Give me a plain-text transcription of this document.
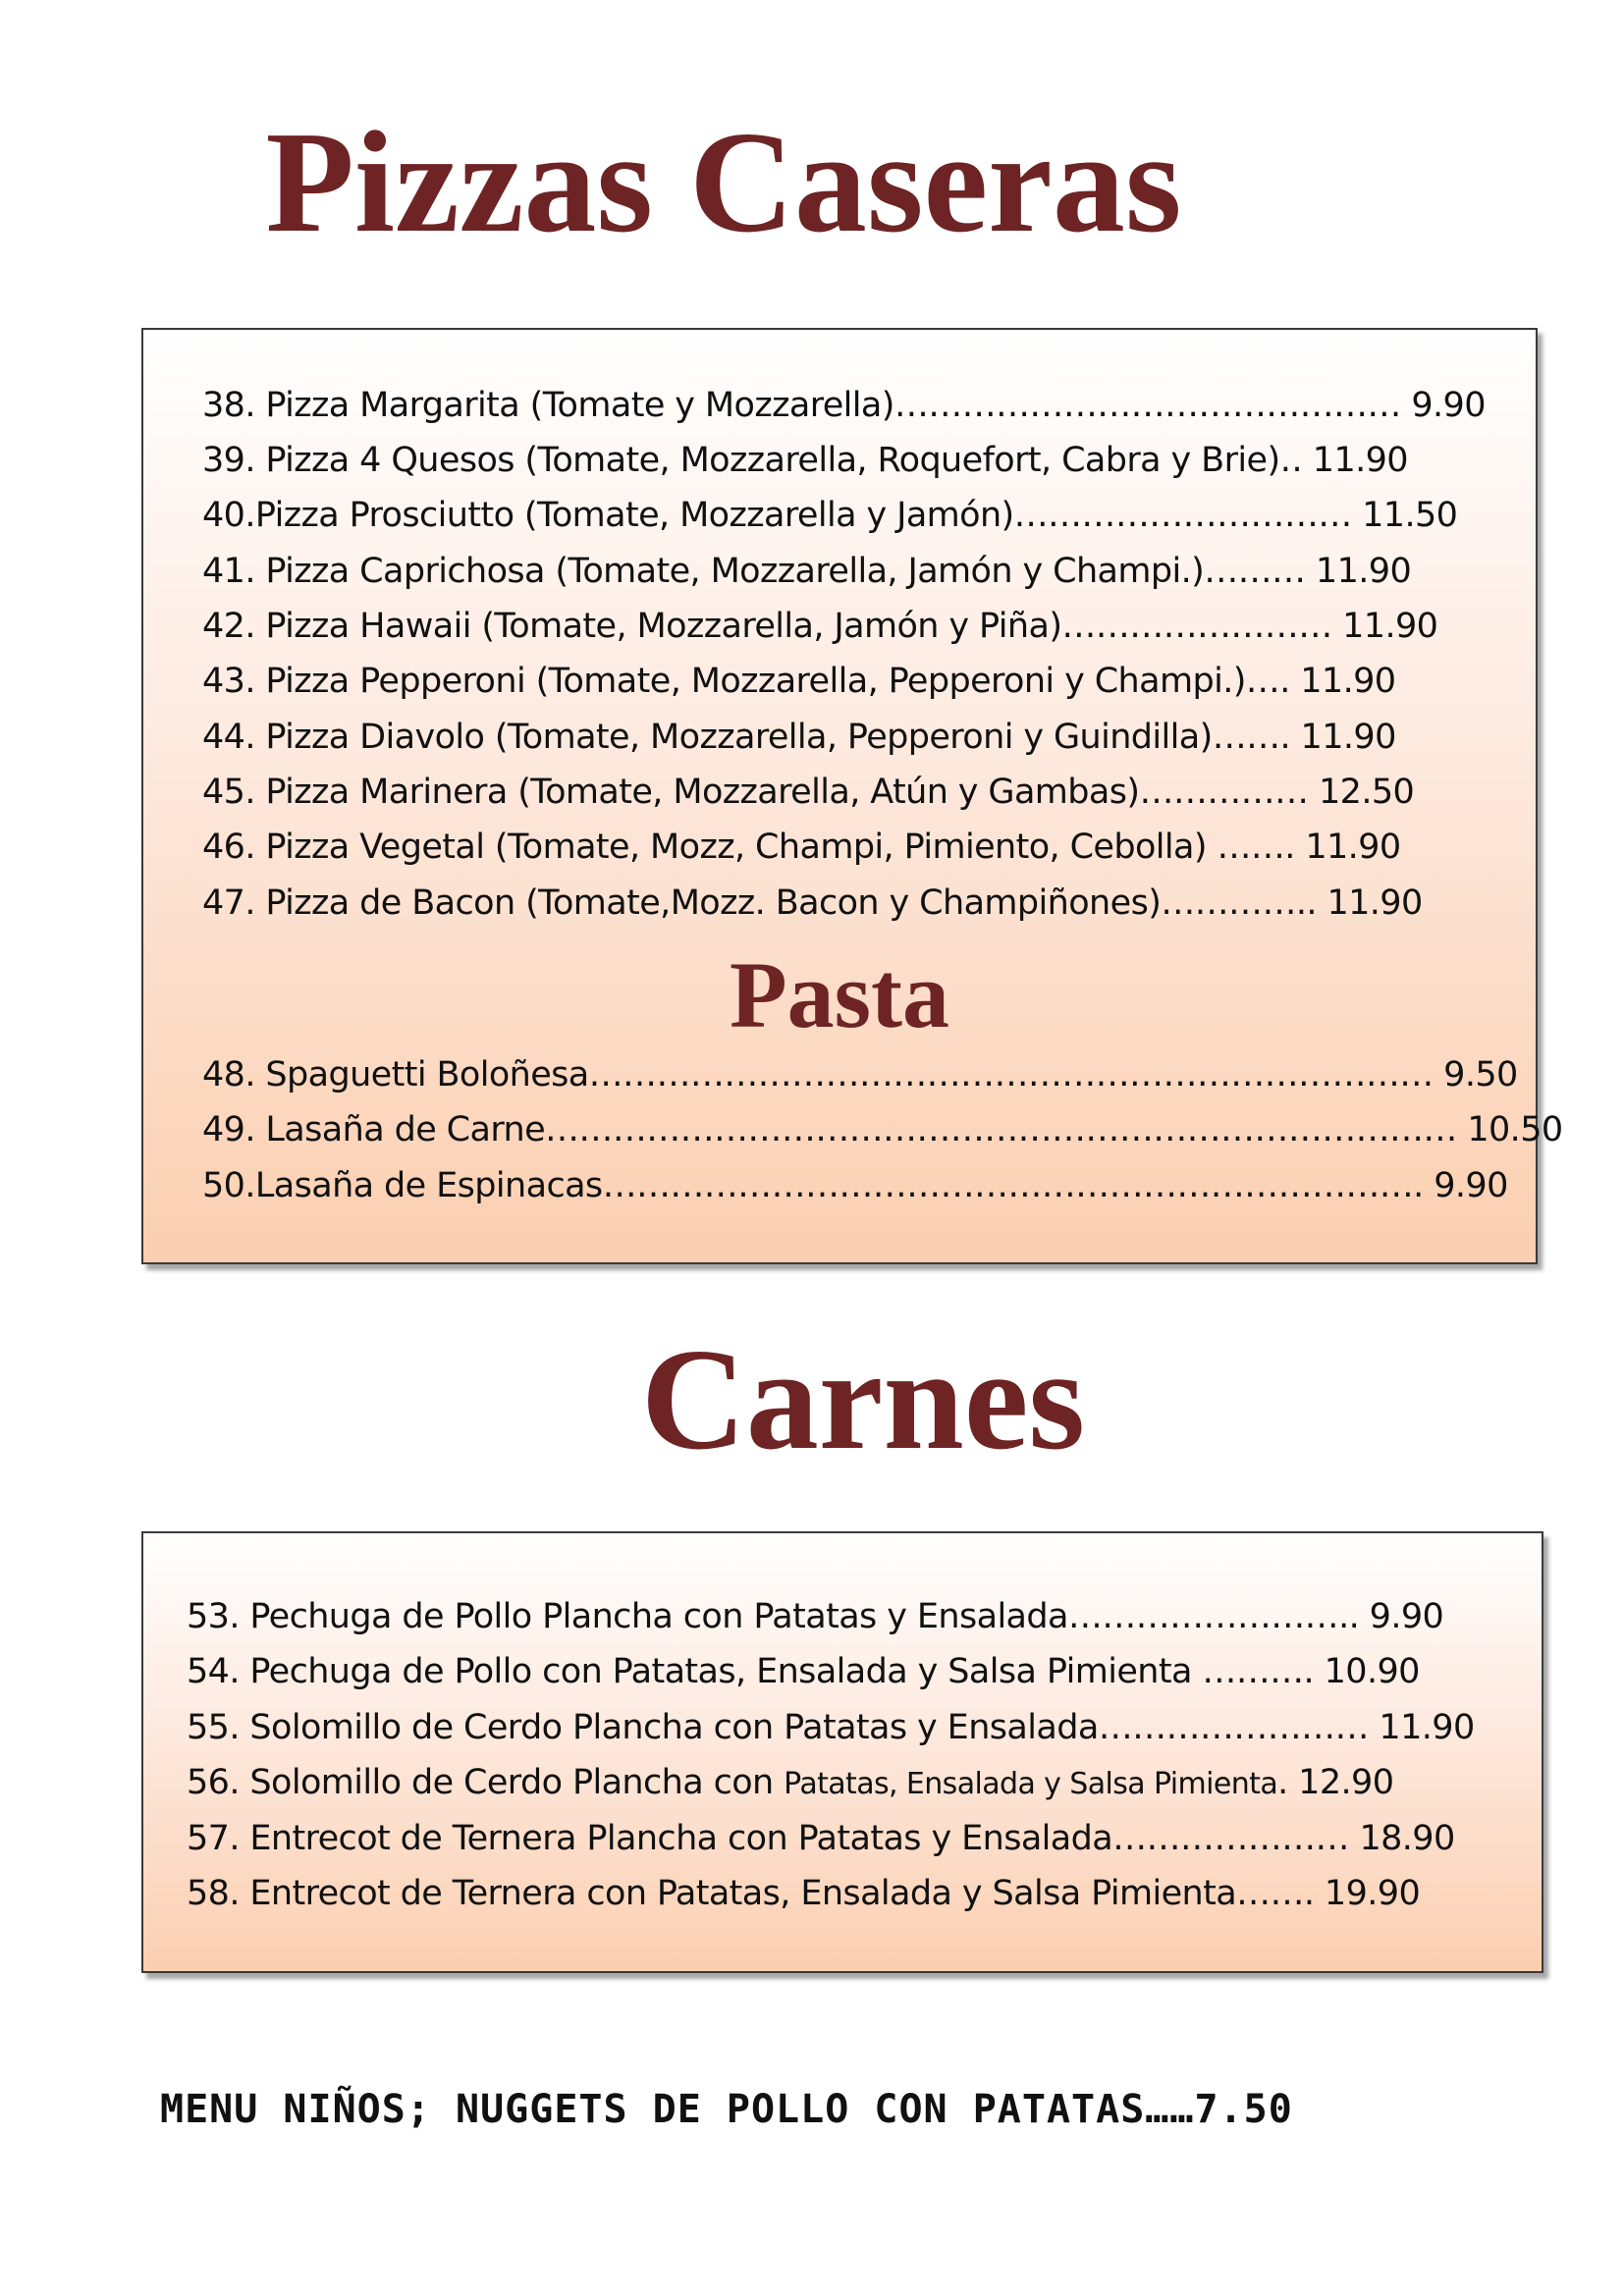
Pizzas Caseras
38. Pizza Margarita (Tomate y Mozzarella)……………………………………… 9.90
39. Pizza 4 Quesos (Tomate, Mozzarella, Roquefort, Cabra y Brie)‥ 11.90
40.Pizza Prosciutto (Tomate, Mozzarella y Jamón)………………………… 11.50
41. Pizza Caprichosa (Tomate, Mozzarella, Jamón y Champi.)……… 11.90
42. Pizza Hawaii (Tomate, Mozzarella, Jamón y Piña)…………………… 11.90
43. Pizza Pepperoni (Tomate, Mozzarella, Pepperoni y Champi.)…. 11.90
44. Pizza Diavolo (Tomate, Mozzarella, Pepperoni y Guindilla)……. 11.90
45. Pizza Marinera (Tomate, Mozzarella, Atún y Gambas)…………… 12.50
46. Pizza Vegetal (Tomate, Mozz, Champi, Pimiento, Cebolla) ……. 11.90
47. Pizza de Bacon (Tomate,Mozz. Bacon y Champiñones)………….. 11.90
Pasta
48. Spaguetti Boloñesa………………………………………………………………… 9.50
49. Lasaña de Carne……………………………………………………………………… 10.50
50.Lasaña de Espinacas………………………………………………………………. 9.90
Carnes
53. Pechuga de Pollo Plancha con Patatas y Ensalada…………………….. 9.90
54. Pechuga de Pollo con Patatas, Ensalada y Salsa Pimienta ………. 10.90
55. Solomillo de Cerdo Plancha con Patatas y Ensalada…………………… 11.90
56. Solomillo de Cerdo Plancha con Patatas, Ensalada y Salsa Pimienta. 12.90
57. Entrecot de Ternera Plancha con Patatas y Ensalada………………… 18.90
58. Entrecot de Ternera con Patatas, Ensalada y Salsa Pimienta……. 19.90
MENU NIÑOS; NUGGETS DE POLLO CON PATATAS……7.50
